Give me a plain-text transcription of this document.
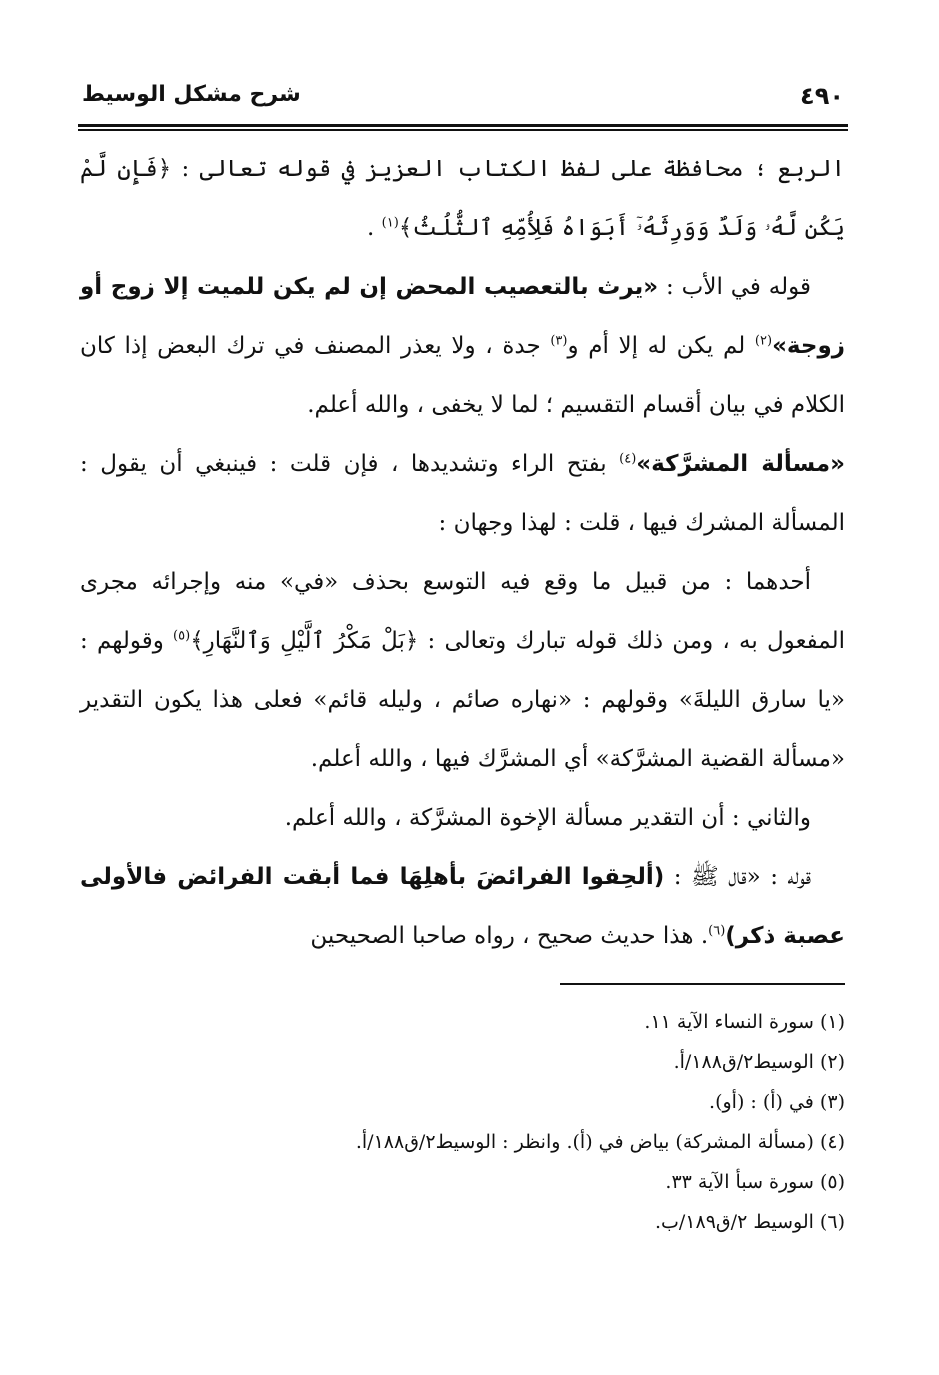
شرح مشكل الوسيط	٤٩٠

الربع ؛ محافظة على لفظ الكتاب العزيز في قوله تعالى : ﴿فَإِن لَّمْ يَكُن لَّهُۥ وَلَدٌ وَوَرِثَهُۥٓ أَبَوَاهُ فَلِأُمِّهِ ٱلثُّلُثُ﴾$^{(١)}$ .

قوله في الأب : «يرث بالتعصيب المحض إن لم يكن للميت إلا زوج أو زوجة»$^{(٢)}$ لم يكن له إلا أم و$^{(٣)}$ جدة ، ولا يعذر المصنف في ترك البعض إذا كان الكلام في بيان أقسام التقسيم ؛ لما لا يخفى ، والله أعلم.

«مسألة المشرَّكة»$^{(٤)}$ بفتح الراء وتشديدها ، فإن قلت : فينبغي أن يقول : المسألة المشرك فيها ، قلت : لهذا وجهان :

أحدهما : من قبيل ما وقع فيه التوسع بحذف «في» منه وإجرائه مجرى المفعول به ، ومن ذلك قوله تبارك وتعالى : ﴿بَلْ مَكْرُ ٱلَّيْلِ وَٱلنَّهَارِ﴾$^{(٥)}$ وقولهم : «يا سارق الليلةَ» وقولهم : «نهاره صائم ، وليله قائم» فعلى هذا يكون التقدير «مسألة القضية المشرَّكة» أي المشرَّك فيها ، والله أعلم.

والثاني : أن التقدير مسألة الإخوة المشرَّكة ، والله أعلم.

قوله : «قال ﷺ : (ألحِقوا الفرائضَ بأهلِهَا فما أبقت الفرائض فالأولى عصبة ذكر)$^{(٦)}$. هذا حديث صحيح ، رواه صاحبا الصحيحين

(١) سورة النساء الآية ١١.

(٢) الوسيط٢/ق١٨٨/أ.

(٣) في (أ) : (أو).

(٤) (مسألة المشركة) بياض في (أ). وانظر : الوسيط٢/ق١٨٨/أ.

(٥) سورة سبأ الآية ٣٣.

(٦) الوسيط ٢/ق١٨٩/ب.
